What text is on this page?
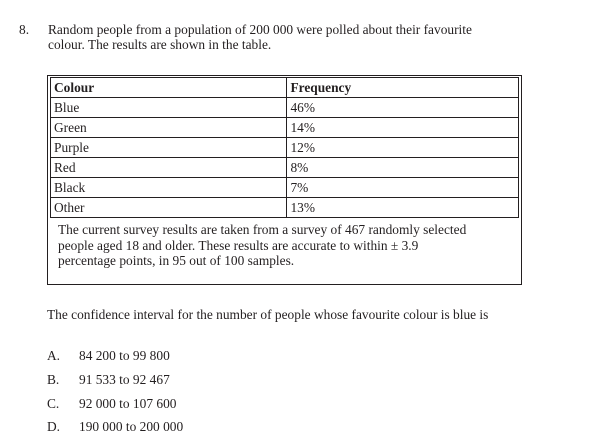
8. Random people from a population of 200 000 were polled about their favourite
colour. The results are shown in the table.
Colour	Frequency
Blue	46%
Green	14%
Purple	12%
Red	8%
Black	7%
Other	13%
The current survey results are taken from a survey of 467 randomly selected
people aged 18 and older. These results are accurate to within ± 3.9
percentage points, in 95 out of 100 samples.
The confidence interval for the number of people whose favourite colour is blue is
A. 84 200 to 99 800
B. 91 533 to 92 467
C. 92 000 to 107 600
D. 190 000 to 200 000
